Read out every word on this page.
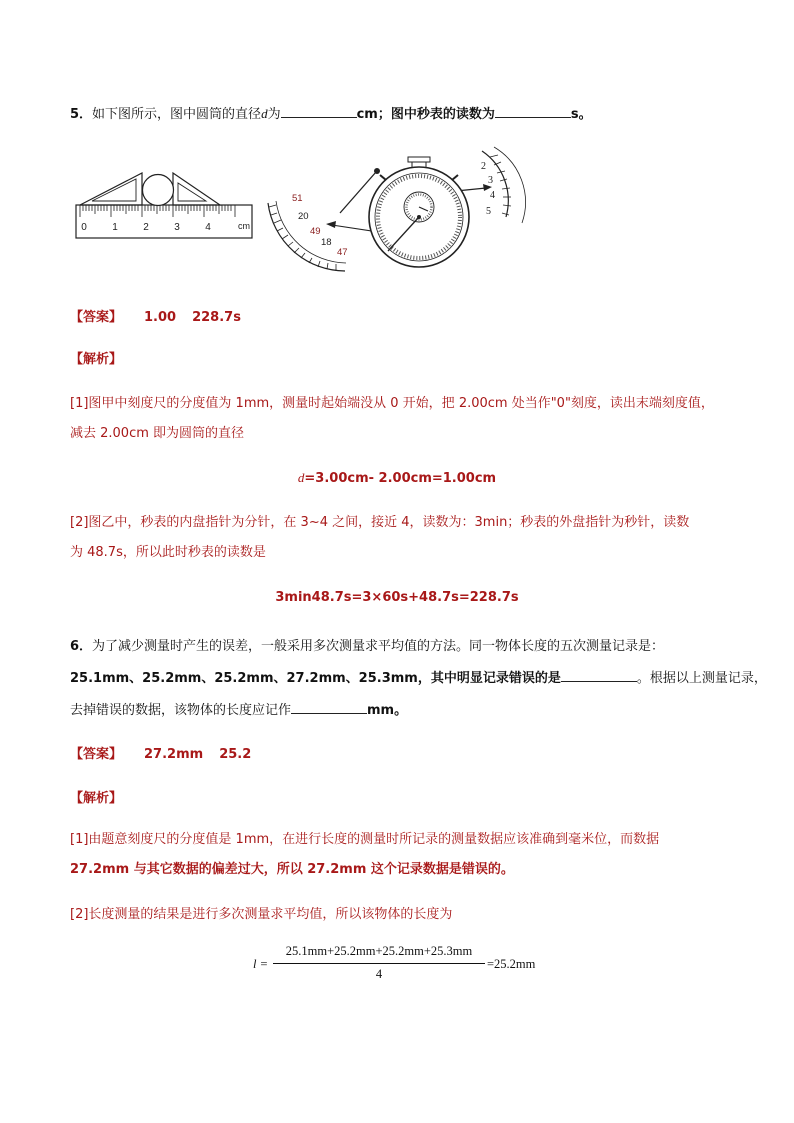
5．如下图所示，图中圆筒的直径d为	cm；图中秒表的读数为	s。
0	1	2	3	4	cm
51
20
49
18
47
2
3
4
5
【答案】 1.00 228.7s
【解析】
[1]图甲中刻度尺的分度值为 1mm，测量时起始端没从 0 开始，把 2.00cm 处当作"0"刻度，读出末端刻度值，
减去 2.00cm 即为圆筒的直径
d=3.00cm- 2.00cm=1.00cm
[2]图乙中，秒表的内盘指针为分针，在 3~4 之间，接近 4，读数为：3min；秒表的外盘指针为秒针，读数
为 48.7s，所以此时秒表的读数是
3min48.7s=3×60s+48.7s=228.7s
6．为了减少测量时产生的误差，一般采用多次测量求平均值的方法。同一物体长度的五次测量记录是：
25.1mm、25.2mm、25.2mm、27.2mm、25.3mm，其中明显记录错误的是	。根据以上测量记录，
去掉错误的数据，该物体的长度应记作	mm。
【答案】 27.2mm 25.2
【解析】
[1]由题意刻度尺的分度值是 1mm，在进行长度的测量时所记录的测量数据应该准确到毫米位，而数据
27.2mm 与其它数据的偏差过大，所以 27.2mm 这个记录数据是错误的。
[2]长度测量的结果是进行多次测量求平均值，所以该物体的长度为
l =
25.1mm+25.2mm+25.2mm+25.3mm
4
=25.2mm
